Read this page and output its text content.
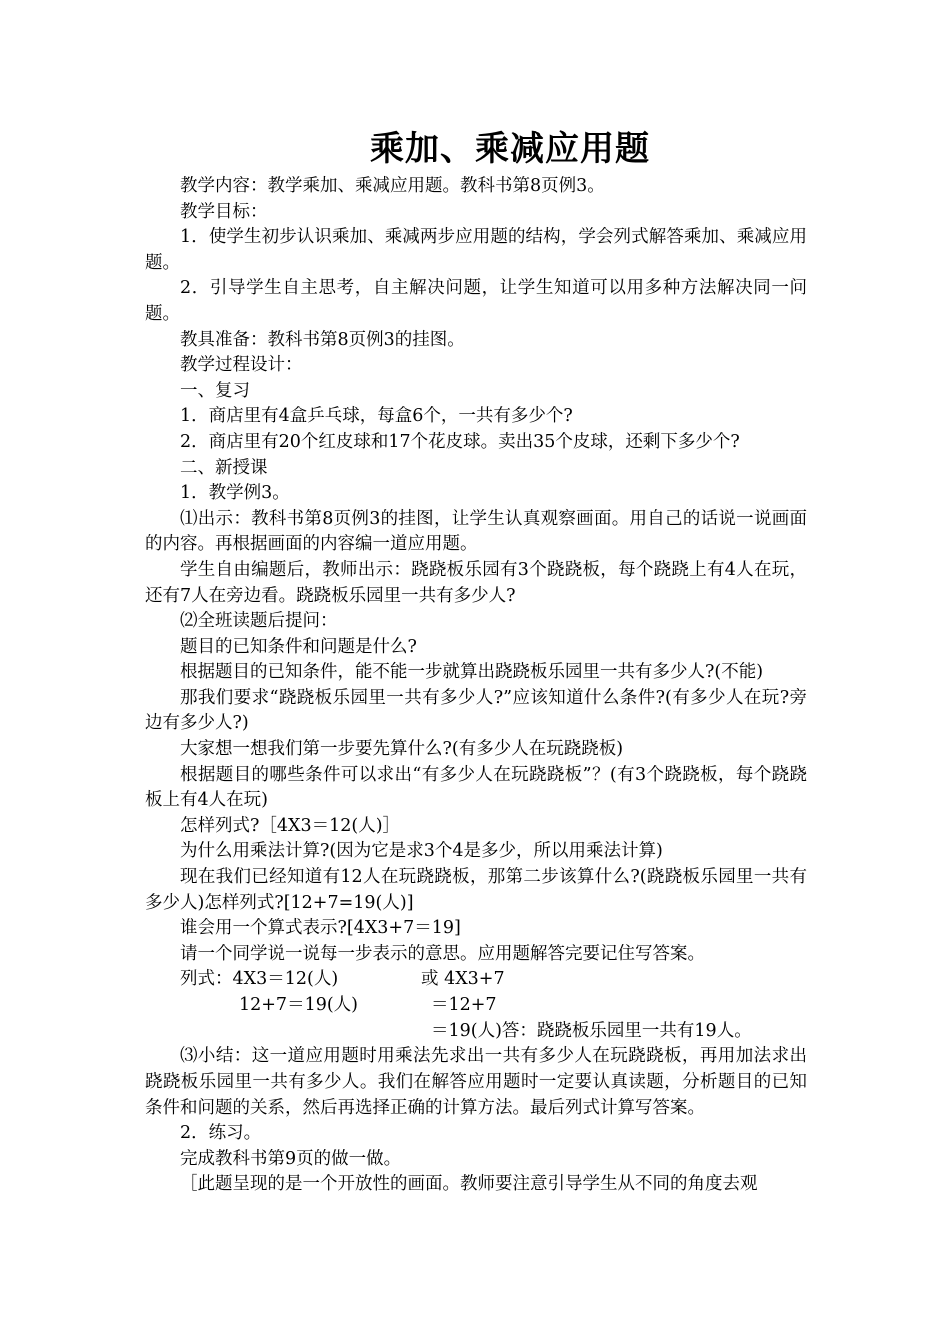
乘加、乘减应用题

教学内容：教学乘加、乘减应用题。教科书第8页例3。

教学目标：

1．使学生初步认识乘加、乘减两步应用题的结构，学会列式解答乘加、乘减应用题。

2．引导学生自主思考，自主解决问题，让学生知道可以用多种方法解决同一问题。

教具准备：教科书第8页例3的挂图。

教学过程设计：

一、复习

1．商店里有4盒乒乓球，每盒6个，一共有多少个?

2．商店里有20个红皮球和17个花皮球。卖出35个皮球，还剩下多少个?

二、新授课

1．教学例3。

⑴出示：教科书第8页例3的挂图，让学生认真观察画面。用自己的话说一说画面的内容。再根据画面的内容编一道应用题。

学生自由编题后，教师出示：跷跷板乐园有3个跷跷板，每个跷跷上有4人在玩，还有7人在旁边看。跷跷板乐园里一共有多少人?

⑵全班读题后提问：

题目的已知条件和问题是什么?

根据题目的已知条件，能不能一步就算出跷跷板乐园里一共有多少人?(不能)

那我们要求“跷跷板乐园里一共有多少人?”应该知道什么条件?(有多少人在玩?旁边有多少人?)

大家想一想我们第一步要先算什么?(有多少人在玩跷跷板)

根据题目的哪些条件可以求出“有多少人在玩跷跷板”？(有3个跷跷板，每个跷跷板上有4人在玩)

怎样列式?［4X3＝12(人)］

为什么用乘法计算?(因为它是求3个4是多少，所以用乘法计算)

现在我们已经知道有12人在玩跷跷板，那第二步该算什么?(跷跷板乐园里一共有多少人)怎样列式?[12+7=19(人)]

谁会用一个算式表示?[4X3+7＝19]

请一个同学说一说每一步表示的意思。应用题解答完要记住写答案。

列式：4X3＝12(人)	或 4X3+7
12+7＝19(人)	＝12+7
＝19(人)答：跷跷板乐园里一共有19人。

⑶小结：这一道应用题时用乘法先求出一共有多少人在玩跷跷板，再用加法求出跷跷板乐园里一共有多少人。我们在解答应用题时一定要认真读题，分析题目的已知条件和问题的关系，然后再选择正确的计算方法。最后列式计算写答案。

2．练习。

完成教科书第9页的做一做。

［此题呈现的是一个开放性的画面。教师要注意引导学生从不同的角度去观
